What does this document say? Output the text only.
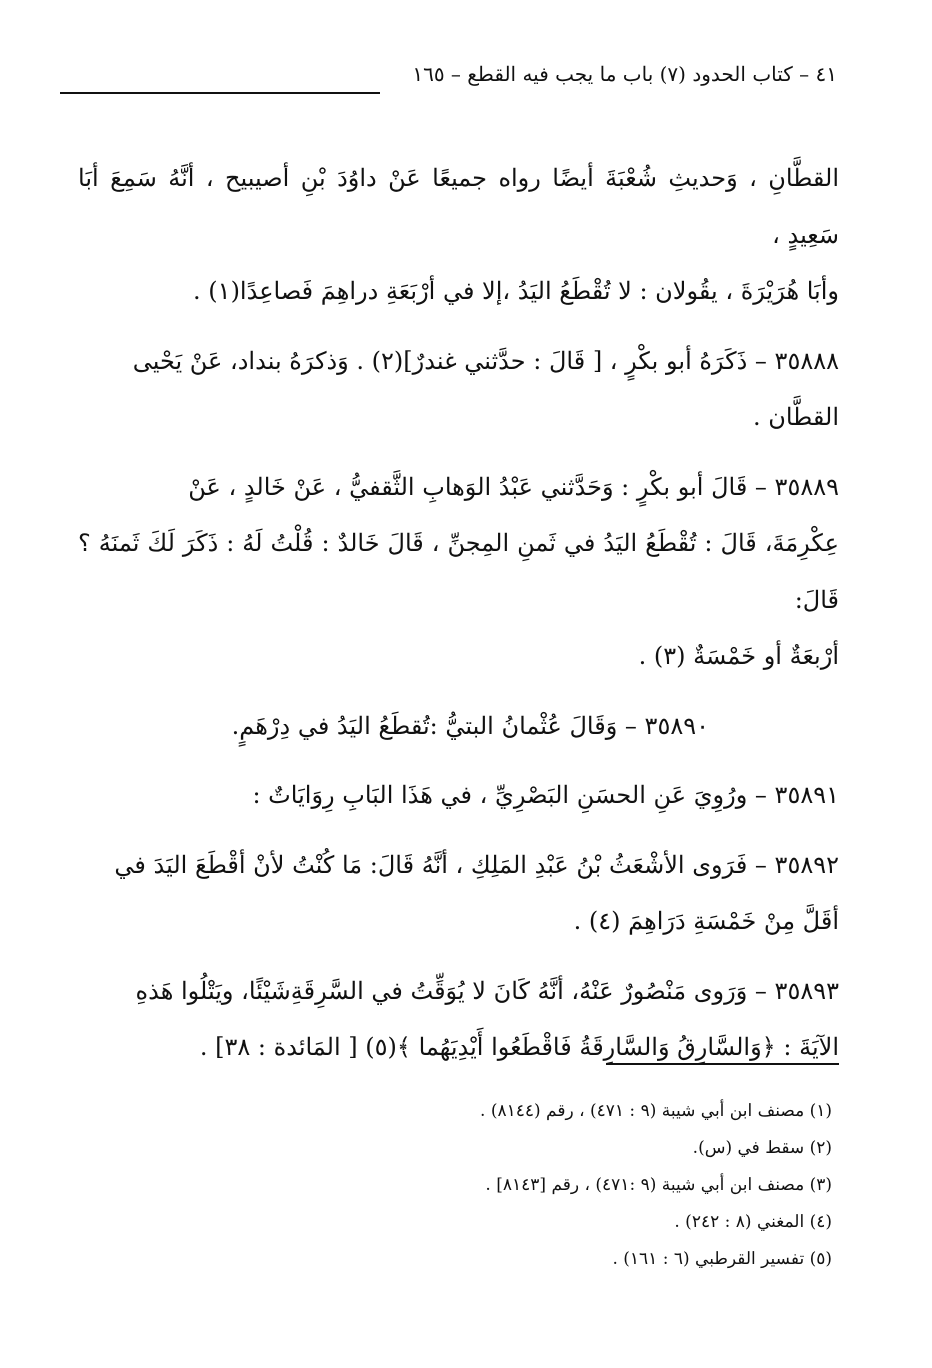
٤١ – كتاب الحدود (٧) باب ما يجب فيه القطع – ١٦٥

القطَّانِ ، وَحديثِ شُعْبَةَ أيضًا رواه جميعًا عَنْ داوُدَ بْنِ أصيبيح ، أنَّهُ سَمِعَ أبَا سَعِيدٍ ،

وأبَا هُرَيْرَةَ ، يقُولان : لا تُقْطَعُ اليَدُ ،إلا في أرْبَعَةِ دراهِمَ فَصاعِدًا(١) .

٣٥٨٨٨ – ذَكَرَهُ أبو بكْرٍ ، [ قَالَ : حدَّثني غندرٌ](٢) . وَذكرَهُ بنداد، عَنْ يَحْيى

القطَّان .

٣٥٨٨٩ – قَالَ أبو بكْرٍ : وَحَدَّثني عَبْدُ الوَهابِ الثَّقفيُّ ، عَنْ خَالدٍ ، عَنْ

عِكْرِمَةَ، قَالَ : تُقْطَعُ اليَدُ في ثَمنِ المِجنِّ ، قَالَ خَالدٌ : قُلْتُ لَهُ : ذَكَرَ لَكَ ثَمنَهُ ؟ قَالَ:

أرْبعَةٌ أو خَمْسَةٌ (٣) .

٣٥٨٩٠ – وَقَالَ عُثْمانُ البتيُّ :تُقطَعُ اليَدُ في دِرْهَمٍ.

٣٥٨٩١ – ورُوِيَ عَنِ الحسَنِ البَصْرِيِّ ، في هَذَا البَابِ رِوَايَاتٌ :

٣٥٨٩٢ – فَرَوى الأشْعَثُ بْنُ عَبْدِ المَلِكِ ، أنَّهُ قَالَ: مَا كُنْتُ لأنْ أقْطَعَ اليَدَ في

أقَلَّ مِنْ خَمْسَةِ دَرَاهِمَ (٤) .

٣٥٨٩٣ – وَرَوى مَنْصُورٌ عَنْهُ، أنَّهُ كَانَ لا يُوَقِّتُ في السَّرِقَةِشَيْئًا، ويَتْلُوا هَذهِ

الآيَةَ : ﴿وَالسَّارِقُ وَالسَّارِقَةُ فَاقْطَعُوا أَيْدِيَهُما ﴾(٥) [ المَائدة : ٣٨] .

(١) مصنف ابن أبي شيبة (٩ : ٤٧١) ، رقم (٨١٤٤) .
(٢) سقط في (س).
(٣) مصنف ابن أبي شيبة (٩ :٤٧١) ، رقم [٨١٤٣] .
(٤) المغني (٨ : ٢٤٢) .
(٥) تفسير القرطبي (٦ : ١٦١) .
